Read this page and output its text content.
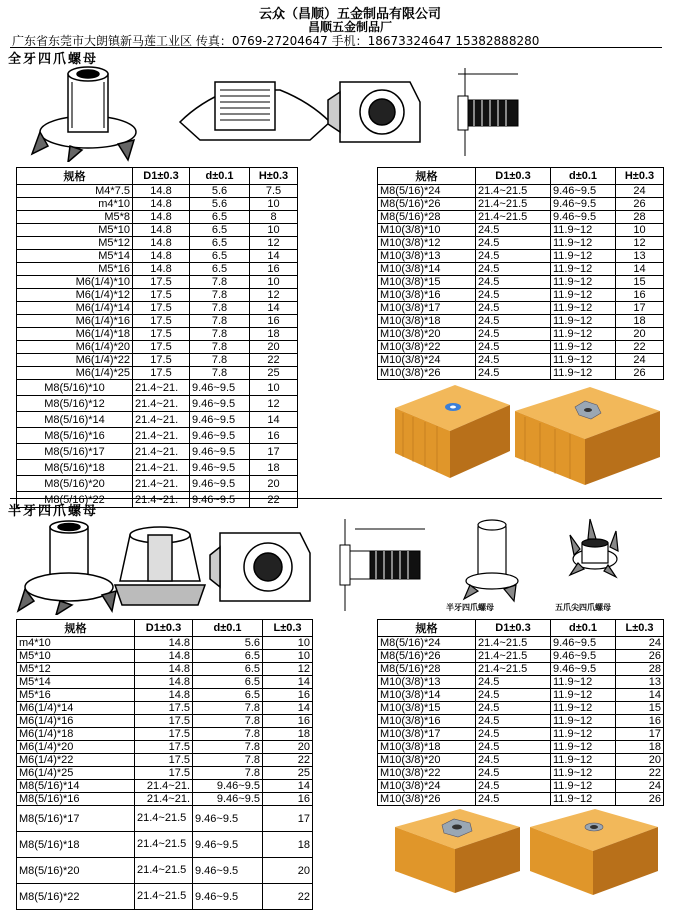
云众（昌顺）五金制品有限公司
昌顺五金制品厂
广东省东莞市大朗镇新马莲工业区 传真：0769-27204647 手机：18673324647 15382888280
全牙四爪螺母
规格	D1±0.3	d±0.1	H±0.3
M4*7.5	14.8	5.6	7.5
m4*10	14.8	5.6	10
M5*8	14.8	6.5	8
M5*10	14.8	6.5	10
M5*12	14.8	6.5	12
M5*14	14.8	6.5	14
M5*16	14.8	6.5	16
M6(1/4)*10	17.5	7.8	10
M6(1/4)*12	17.5	7.8	12
M6(1/4)*14	17.5	7.8	14
M6(1/4)*16	17.5	7.8	16
M6(1/4)*18	17.5	7.8	18
M6(1/4)*20	17.5	7.8	20
M6(1/4)*22	17.5	7.8	22
M6(1/4)*25	17.5	7.8	25
M8(5/16)*10	21.4~21.	9.46~9.5	10
M8(5/16)*12	21.4~21.	9.46~9.5	12
M8(5/16)*14	21.4~21.	9.46~9.5	14
M8(5/16)*16	21.4~21.	9.46~9.5	16
M8(5/16)*17	21.4~21.	9.46~9.5	17
M8(5/16)*18	21.4~21.	9.46~9.5	18
M8(5/16)*20	21.4~21.	9.46~9.5	20
M8(5/16)*22	21.4~21.	9.46~9.5	22
规格	D1±0.3	d±0.1	H±0.3
M8(5/16)*24	21.4~21.5	9.46~9.5	24
M8(5/16)*26	21.4~21.5	9.46~9.5	26
M8(5/16)*28	21.4~21.5	9.46~9.5	28
M10(3/8)*10	24.5	11.9~12	10
M10(3/8)*12	24.5	11.9~12	12
M10(3/8)*13	24.5	11.9~12	13
M10(3/8)*14	24.5	11.9~12	14
M10(3/8)*15	24.5	11.9~12	15
M10(3/8)*16	24.5	11.9~12	16
M10(3/8)*17	24.5	11.9~12	17
M10(3/8)*18	24.5	11.9~12	18
M10(3/8)*20	24.5	11.9~12	20
M10(3/8)*22	24.5	11.9~12	22
M10(3/8)*24	24.5	11.9~12	24
M10(3/8)*26	24.5	11.9~12	26
半牙四爪螺母
半牙四爪螺母	五爪尖四爪螺母
规格	D1±0.3	d±0.1	L±0.3
m4*10	14.8	5.6	10
M5*10	14.8	6.5	10
M5*12	14.8	6.5	12
M5*14	14.8	6.5	14
M5*16	14.8	6.5	16
M6(1/4)*14	17.5	7.8	14
M6(1/4)*16	17.5	7.8	16
M6(1/4)*18	17.5	7.8	18
M6(1/4)*20	17.5	7.8	20
M6(1/4)*22	17.5	7.8	22
M6(1/4)*25	17.5	7.8	25
M8(5/16)*14	21.4~21.	9.46~9.5	14
M8(5/16)*16	21.4~21.	9.46~9.5	16
M8(5/16)*17	21.4~21.5	9.46~9.5	17
M8(5/16)*18	21.4~21.5	9.46~9.5	18
M8(5/16)*20	21.4~21.5	9.46~9.5	20
M8(5/16)*22	21.4~21.5	9.46~9.5	22
规格	D1±0.3	d±0.1	L±0.3
M8(5/16)*24	21.4~21.5	9.46~9.5	24
M8(5/16)*26	21.4~21.5	9.46~9.5	26
M8(5/16)*28	21.4~21.5	9.46~9.5	28
M10(3/8)*13	24.5	11.9~12	13
M10(3/8)*14	24.5	11.9~12	14
M10(3/8)*15	24.5	11.9~12	15
M10(3/8)*16	24.5	11.9~12	16
M10(3/8)*17	24.5	11.9~12	17
M10(3/8)*18	24.5	11.9~12	18
M10(3/8)*20	24.5	11.9~12	20
M10(3/8)*22	24.5	11.9~12	22
M10(3/8)*24	24.5	11.9~12	24
M10(3/8)*26	24.5	11.9~12	26
